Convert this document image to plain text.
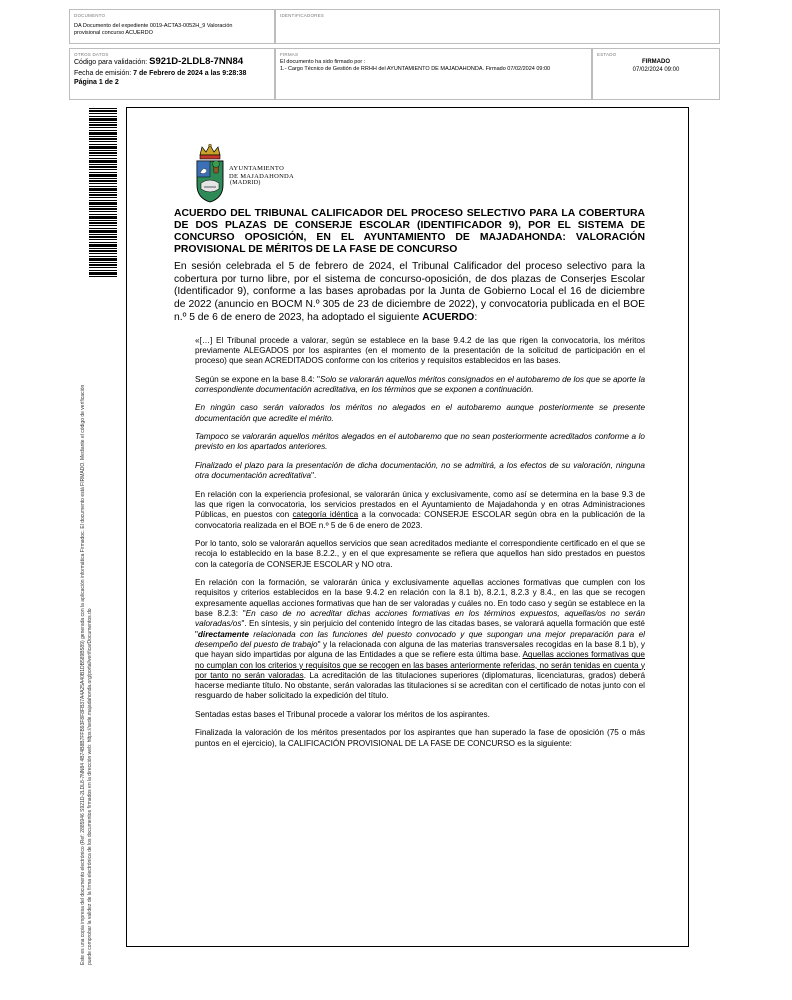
DOCUMENTO
DA Documento del expediente 0019-ACTA3-0052H_9 Valoración provisional concurso ACUERDO
IDENTIFICADORES
OTROS DATOS
Código para validación: S921D-2LDL8-7NN84
Fecha de emisión: 7 de Febrero de 2024 a las 9:28:38
Página 1 de 2
FIRMAS
El documento ha sido firmado por :
1.- Cargo Técnico de Gestión de RRHH del AYUNTAMIENTO DE MAJADAHONDA. Firmado 07/02/2024 09:00
ESTADO
FIRMADO
07/02/2024 09:00
Este es una copia impresa del documento electrónico (Ref: 2885946 S921D-2LDL8-7NN84 4B74B8B7FFB93F8F8FB37A4A25A40B1DB589B589) generada con la aplicación informática Firmadoc. El documento está FIRMADO. Mediante el código de verificación puede comprobar la validez de la firma electrónica de los documentos firmados en la dirección web: https://sede.majadahonda.org/portal/verificarDocumentos.do
AYUNTAMIENTO
DE MAJADAHONDA
(MADRID)

ACUERDO DEL TRIBUNAL CALIFICADOR DEL PROCESO SELECTIVO PARA LA COBERTURA DE DOS PLAZAS DE CONSERJE ESCOLAR (IDENTIFICADOR 9), POR EL SISTEMA DE CONCURSO OPOSICIÓN, EN EL AYUNTAMIENTO DE MAJADAHONDA: VALORACIÓN PROVISIONAL DE MÉRITOS DE LA FASE DE CONCURSO

En sesión celebrada el 5 de febrero de 2024, el Tribunal Calificador del proceso selectivo para la cobertura por turno libre, por el sistema de concurso-oposición, de dos plazas de Conserjes Escolar (Identificador 9), conforme a las bases aprobadas por la Junta de Gobierno Local el 16 de diciembre de 2022 (anuncio en BOCM N.º 305 de 23 de diciembre de 2022), y convocatoria publicada en el BOE n.º 5 de 6 de enero de 2023, ha adoptado el siguiente ACUERDO:

«[…] El Tribunal procede a valorar, según se establece en la base 9.4.2 de las que rigen la convocatoria, los méritos previamente ALEGADOS por los aspirantes (en el momento de la presentación de la solicitud de participación en el proceso) que sean ACREDITADOS conforme con los criterios y requisitos establecidos en las bases.

Según se expone en la base 8.4: "Solo se valorarán aquellos méritos consignados en el autobaremo de los que se aporte la correspondiente documentación acreditativa, en los términos que se exponen a continuación.

En ningún caso serán valorados los méritos no alegados en el autobaremo aunque posteriormente se presente documentación que acredite el mérito.

Tampoco se valorarán aquellos méritos alegados en el autobaremo que no sean posteriormente acreditados conforme a lo previsto en los apartados anteriores.

Finalizado el plazo para la presentación de dicha documentación, no se admitirá, a los efectos de su valoración, ninguna otra documentación acreditativa".

En relación con la experiencia profesional, se valorarán única y exclusivamente, como así se determina en la base 9.3 de las que rigen la convocatoria, los servicios prestados en el Ayuntamiento de Majadahonda y en otras Administraciones Públicas, en puestos con categoría idéntica a la convocada: CONSERJE ESCOLAR según obra en la publicación de la convocatoria realizada en el BOE n.º 5 de 6 de enero de 2023.

Por lo tanto, solo se valorarán aquellos servicios que sean acreditados mediante el correspondiente certificado en el que se recoja lo establecido en la base 8.2.2., y en el que expresamente se refiera que aquellos han sido prestados en puestos con la categoría de CONSERJE ESCOLAR y NO otra.

En relación con la formación, se valorarán única y exclusivamente aquellas acciones formativas que cumplen con los requisitos y criterios establecidos en la base 9.4.2 en relación con la 8.1 b), 8.2.1, 8.2.3 y 8.4., en las que se recogen expresamente aquellas acciones formativas que han de ser valoradas y cuáles no. En todo caso y según se establece en la base 8.2.3: "En caso de no acreditar dichas acciones formativas en los términos expuestos, aquellas/os no serán valoradas/os". En síntesis, y sin perjuicio del contenido íntegro de las citadas bases, se valorará aquella formación que esté "directamente relacionada con las funciones del puesto convocado y que supongan una mejor preparación para el desempeño del puesto de trabajo" y la relacionada con alguna de las materias transversales recogidas en la base 8.1 b), y que hayan sido impartidas por alguna de las Entidades a que se refiere esta última base. Aquellas acciones formativas que no cumplan con los criterios y requisitos que se recogen en las bases anteriormente referidas, no serán tenidas en cuenta y por tanto no serán valoradas. La acreditación de las titulaciones superiores (diplomaturas, licenciaturas, grados) deberá hacerse mediante título. No obstante, serán valoradas las titulaciones si se acreditan con el certificado de notas junto con el resguardo de haber solicitado la expedición del título.

Sentadas estas bases el Tribunal procede a valorar los méritos de los aspirantes.

Finalizada la valoración de los méritos presentados por los aspirantes que han superado la fase de oposición (75 o más puntos en el ejercicio), la CALIFICACIÓN PROVISIONAL DE LA FASE DE CONCURSO es la siguiente:
